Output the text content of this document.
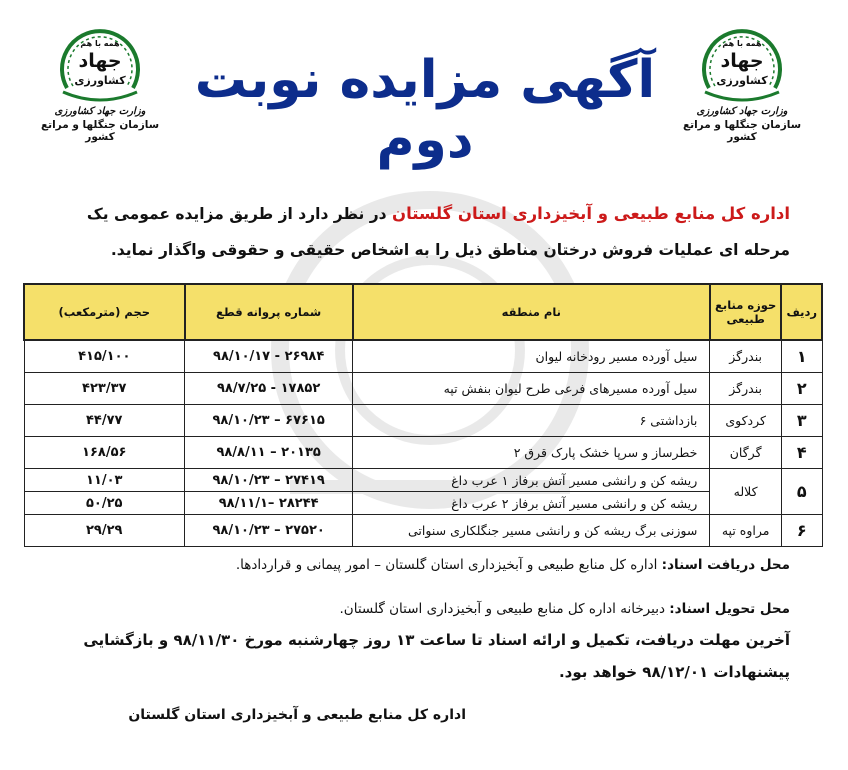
همه با هم
جهاد
کشاورزی
وزارت جهاد کشاورزی
سازمان جنگلها و مراتع کشور
همه با هم
جهاد
کشاورزی
وزارت جهاد کشاورزی
سازمان جنگلها و مراتع کشور
آگهی مزایده نوبت دوم
اداره کل منابع طبیعی و آبخیزداری استان گلستان در نظر دارد از طریق مزایده عمومی یک
مرحله ای عملیات فروش درختان مناطق ذیل را به اشخاص حقیقی و حقوقی واگذار نماید.
ردیف	حوزه منابع طبیعی	نام منطقه	شماره پروانه قطع	حجم (مترمکعب)
۱	بندرگز	سیل آورده مسیر رودخانه لیوان	۲۶۹۸۴ - ۹۸/۱۰/۱۷	۴۱۵/۱۰۰
۲	بندرگز	سیل آورده مسیرهای فرعی طرح لیوان بنفش تپه	۱۷۸۵۲ - ۹۸/۷/۲۵	۴۲۳/۳۷
۳	کردکوی	بازداشتی ۶	۶۷۶۱۵ – ۹۸/۱۰/۲۳	۴۴/۷۷
۴	گرگان	خطرساز و سرپا خشک پارک قرق ۲	۲۰۱۳۵ – ۹۸/۸/۱۱	۱۶۸/۵۶
۵	کلاله	ریشه کن و رانشی مسیر آتش برفاز ۱ عرب داغ	۲۷۴۱۹ – ۹۸/۱۰/۲۳	۱۱/۰۳
		ریشه کن و رانشی مسیر آتش برفاز ۲ عرب داغ	۲۸۲۴۴ –۹۸/۱۱/۱	۵۰/۲۵
۶	مراوه تپه	سوزنی برگ ریشه کن و رانشی مسیر جنگلکاری سنواتی	۲۷۵۲۰ – ۹۸/۱۰/۲۳	۲۹/۲۹
محل دریافت اسناد: اداره کل منابع طبیعی و آبخیزداری استان گلستان – امور پیمانی و قراردادها.
محل تحویل اسناد: دبیرخانه اداره کل منابع طبیعی و آبخیزداری استان گلستان.
آخرین مهلت دریافت، تکمیل و ارائه اسناد تا ساعت ۱۳ روز چهارشنبه مورخ ۹۸/۱۱/۳۰ و بازگشایی
پیشنهادات ۹۸/۱۲/۰۱ خواهد بود.
اداره کل منابع طبیعی و آبخیزداری استان گلستان
